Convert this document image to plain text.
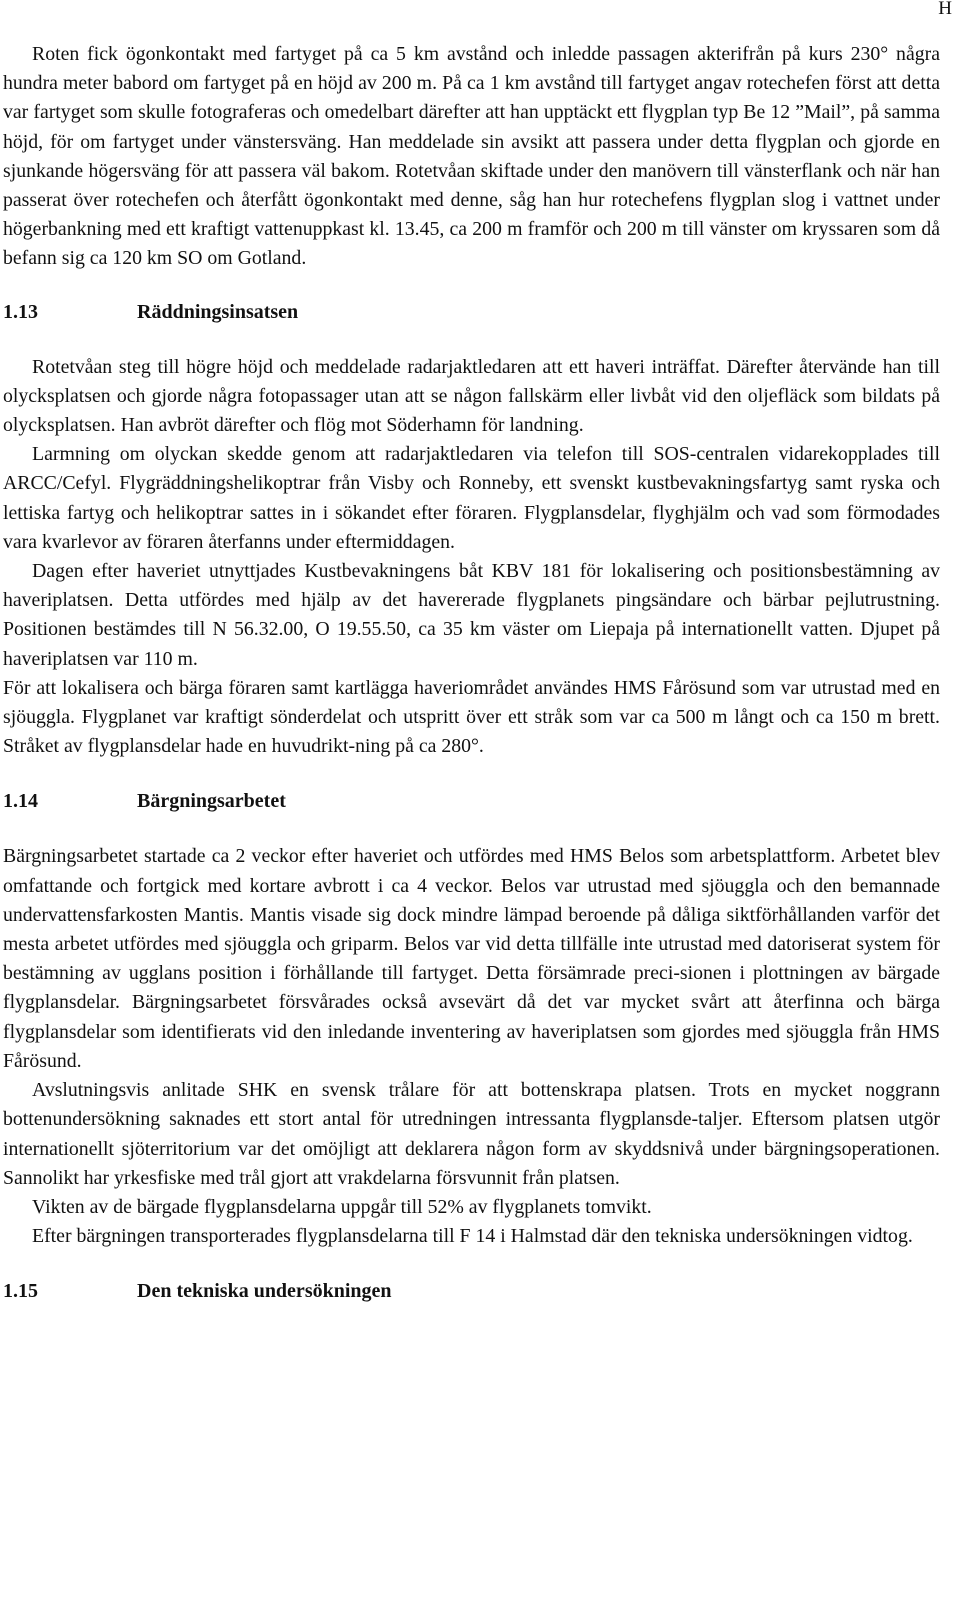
H

Roten fick ögonkontakt med fartyget på ca 5 km avstånd och inledde passagen akterifrån på kurs 230° några hundra meter babord om fartyget på en höjd av 200 m. På ca 1 km avstånd till fartyget angav rotechefen först att detta var fartyget som skulle fotograferas och omedelbart därefter att han upptäckt ett flygplan typ Be 12 ”Mail”, på samma höjd, för om fartyget under vänstersväng. Han meddelade sin avsikt att passera under detta flygplan och gjorde en sjunkande högersväng för att passera väl bakom. Rotetvåan skiftade under den manövern till vänsterflank och när han passerat över rotechefen och återfått ögonkontakt med denne, såg han hur rotechefens flygplan slog i vattnet under högerbankning med ett kraftigt vattenuppkast kl. 13.45, ca 200 m framför och 200 m till vänster om kryssaren som då befann sig ca 120 km SO om Gotland.

1.13	Räddningsinsatsen

Rotetvåan steg till högre höjd och meddelade radarjaktledaren att ett haveri inträffat. Därefter återvände han till olycksplatsen och gjorde några fotopassager utan att se någon fallskärm eller livbåt vid den oljefläck som bildats på olycksplatsen. Han avbröt därefter och flög mot Söderhamn för landning.

Larmning om olyckan skedde genom att radarjaktledaren via telefon till SOS-centralen vidarekopplades till ARCC/Cefyl. Flygräddningshelikoptrar från Visby och Ronneby, ett svenskt kustbevakningsfartyg samt ryska och lettiska fartyg och helikoptrar sattes in i sökandet efter föraren. Flygplansdelar, flyghjälm och vad som förmodades vara kvarlevor av föraren återfanns under eftermiddagen.

Dagen efter haveriet utnyttjades Kustbevakningens båt KBV 181 för lokalisering och positionsbestämning av haveriplatsen. Detta utfördes med hjälp av det havererade flygplanets pingsändare och bärbar pejlutrustning. Positionen bestämdes till N 56.32.00, O 19.55.50, ca 35 km väster om Liepaja på internationellt vatten. Djupet på haveriplatsen var 110 m.

För att lokalisera och bärga föraren samt kartlägga haveriområdet användes HMS Fårösund som var utrustad med en sjöuggla. Flygplanet var kraftigt sönderdelat och utspritt över ett stråk som var ca 500 m långt och ca 150 m brett. Stråket av flygplansdelar hade en huvudrikt-ning på ca 280°.

1.14	Bärgningsarbetet

Bärgningsarbetet startade ca 2 veckor efter haveriet och utfördes med HMS Belos som arbetsplattform. Arbetet blev omfattande och fortgick med kortare avbrott i ca 4 veckor. Belos var utrustad med sjöuggla och den bemannade undervattensfarkosten Mantis. Mantis visade sig dock mindre lämpad beroende på dåliga siktförhållanden varför det mesta arbetet utfördes med sjöuggla och griparm. Belos var vid detta tillfälle inte utrustad med datoriserat system för bestämning av ugglans position i förhållande till fartyget. Detta försämrade preci-sionen i plottningen av bärgade flygplansdelar. Bärgningsarbetet försvårades också avsevärt då det var mycket svårt att återfinna och bärga flygplansdelar som identifierats vid den inledande inventering av haveriplatsen som gjordes med sjöuggla från HMS Fårösund.

Avslutningsvis anlitade SHK en svensk trålare för att bottenskrapa platsen. Trots en mycket noggrann bottenundersökning saknades ett stort antal för utredningen intressanta flygplansde-taljer. Eftersom platsen utgör internationellt sjöterritorium var det omöjligt att deklarera någon form av skyddsnivå under bärgningsoperationen. Sannolikt har yrkesfiske med trål gjort att vrakdelarna försvunnit från platsen.

Vikten av de bärgade flygplansdelarna uppgår till 52% av flygplanets tomvikt.

Efter bärgningen transporterades flygplansdelarna till F 14 i Halmstad där den tekniska undersökningen vidtog.

1.15	Den tekniska undersökningen
